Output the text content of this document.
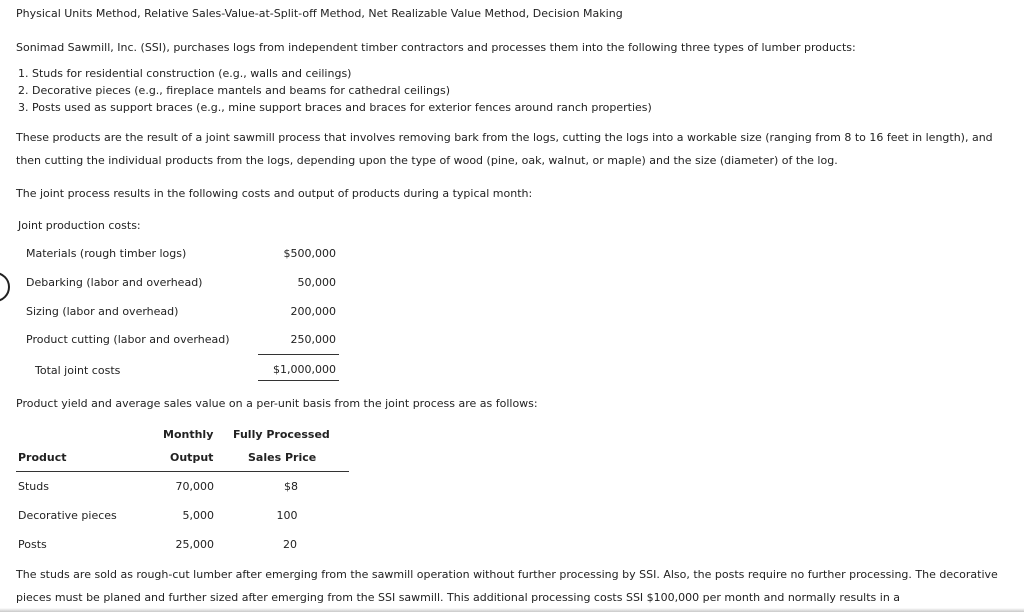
Physical Units Method, Relative Sales-Value-at-Split-off Method, Net Realizable Value Method, Decision Making
Sonimad Sawmill, Inc. (SSI), purchases logs from independent timber contractors and processes them into the following three types of lumber products:
1. Studs for residential construction (e.g., walls and ceilings)
2. Decorative pieces (e.g., fireplace mantels and beams for cathedral ceilings)
3. Posts used as support braces (e.g., mine support braces and braces for exterior fences around ranch properties)
These products are the result of a joint sawmill process that involves removing bark from the logs, cutting the logs into a workable size (ranging from 8 to 16 feet in length), and then cutting the individual products from the logs, depending upon the type of wood (pine, oak, walnut, or maple) and the size (diameter) of the log.
The joint process results in the following costs and output of products during a typical month:
Joint production costs:
Materials (rough timber logs)	$500,000
Debarking (labor and overhead)	50,000
Sizing (labor and overhead)	200,000
Product cutting (labor and overhead)	250,000
Total joint costs	$1,000,000
Product yield and average sales value on a per-unit basis from the joint process are as follows:
Monthly Fully Processed
Product	Output	Sales Price
Studs	70,000	$8
Decorative pieces	5,000	100
Posts	25,000	20
The studs are sold as rough-cut lumber after emerging from the sawmill operation without further processing by SSI. Also, the posts require no further processing. The decorative pieces must be planed and further sized after emerging from the SSI sawmill. This additional processing costs SSI $100,000 per month and normally results in a
